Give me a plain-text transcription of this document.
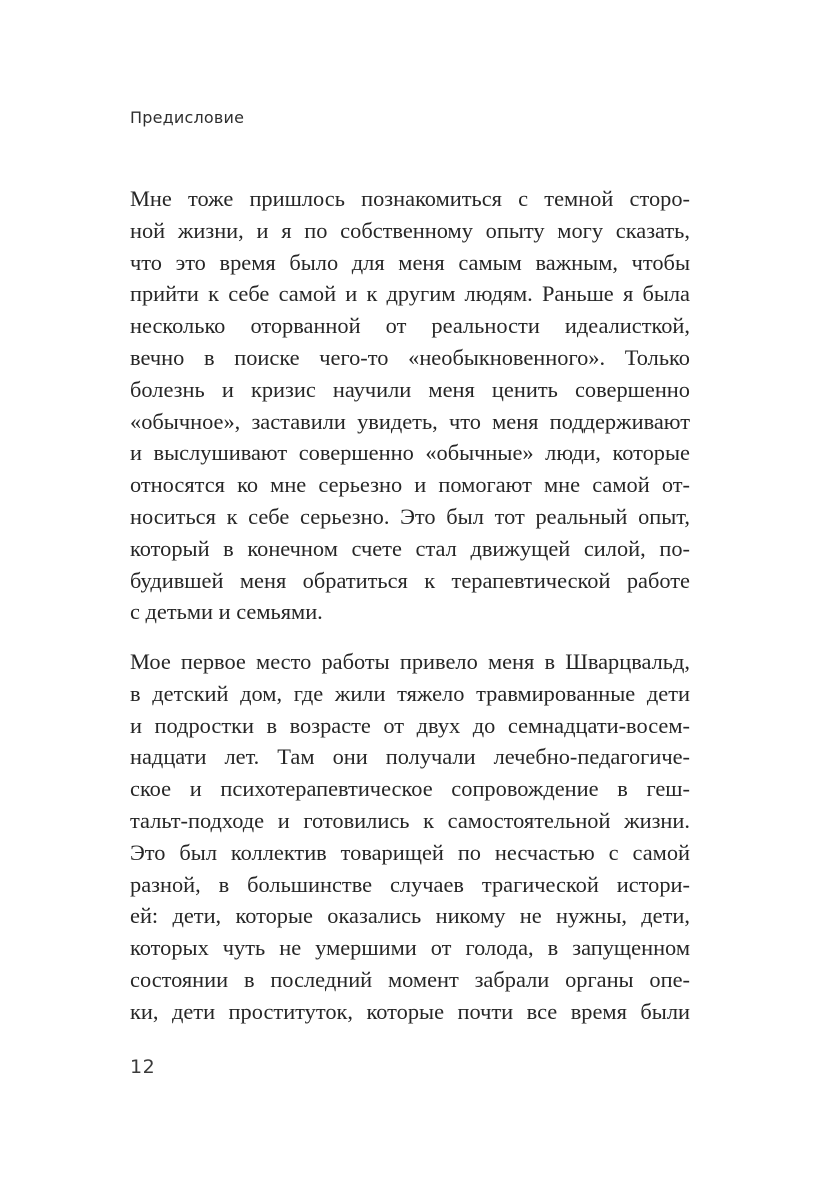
Предисловие
Мне тоже пришлось познакомиться с темной сторо-
ной жизни, и я по собственному опыту могу сказать,
что это время было для меня самым важным, чтобы
прийти к себе самой и к другим людям. Раньше я была
несколько оторванной от реальности идеалисткой,
вечно в поиске чего-то «необыкновенного». Только
болезнь и кризис научили меня ценить совершенно
«обычное», заставили увидеть, что меня поддерживают
и выслушивают совершенно «обычные» люди, которые
относятся ко мне серьезно и помогают мне самой от-
носиться к себе серьезно. Это был тот реальный опыт,
который в конечном счете стал движущей силой, по-
будившей меня обратиться к терапевтической работе
с детьми и семьями.
Мое первое место работы привело меня в Шварцвальд,
в детский дом, где жили тяжело травмированные дети
и подростки в возрасте от двух до семнадцати-восем-
надцати лет. Там они получали лечебно-педагогиче-
ское и психотерапевтическое сопровождение в геш-
тальт-подходе и готовились к самостоятельной жизни.
Это был коллектив товарищей по несчастью с самой
разной, в большинстве случаев трагической истори-
ей: дети, которые оказались никому не нужны, дети,
которых чуть не умершими от голода, в запущенном
состоянии в последний момент забрали органы опе-
ки, дети проституток, которые почти все время были
12
